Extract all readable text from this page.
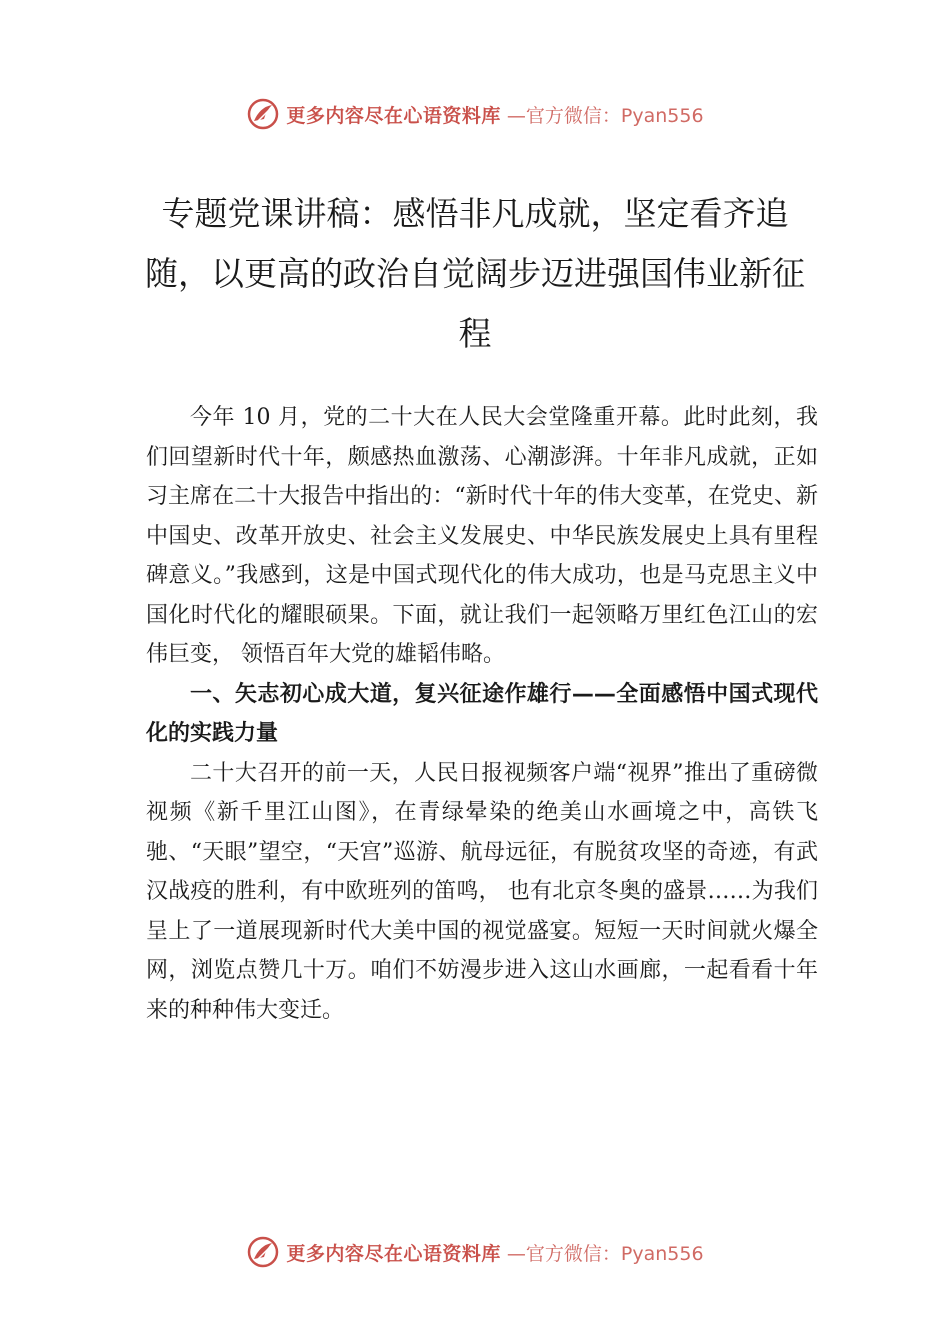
更多内容尽在心语资料库 —官方微信：Pyan556
专题党课讲稿：感悟非凡成就，坚定看齐追随，以更高的政治自觉阔步迈进强国伟业新征程

今年 10 月，党的二十大在人民大会堂隆重开幕。此时此刻，我们回望新时代十年，颇感热血激荡、心潮澎湃。十年非凡成就，正如习主席在二十大报告中指出的：“新时代十年的伟大变革，在党史、新中国史、改革开放史、社会主义发展史、中华民族发展史上具有里程碑意义。”我感到，这是中国式现代化的伟大成功，也是马克思主义中国化时代化的耀眼硕果。下面，就让我们一起领略万里红色江山的宏伟巨变， 领悟百年大党的雄韬伟略。

一、矢志初心成大道，复兴征途作雄行——全面感悟中国式现代化的实践力量

二十大召开的前一天，人民日报视频客户端“视界”推出了重磅微视频《新千里江山图》，在青绿晕染的绝美山水画境之中，高铁飞驰、“天眼”望空，“天宫”巡游、航母远征，有脱贫攻坚的奇迹，有武汉战疫的胜利，有中欧班列的笛鸣， 也有北京冬奥的盛景……为我们呈上了一道展现新时代大美中国的视觉盛宴。短短一天时间就火爆全网，浏览点赞几十万。咱们不妨漫步进入这山水画廊，一起看看十年来的种种伟大变迁。

更多内容尽在心语资料库 —官方微信：Pyan556
